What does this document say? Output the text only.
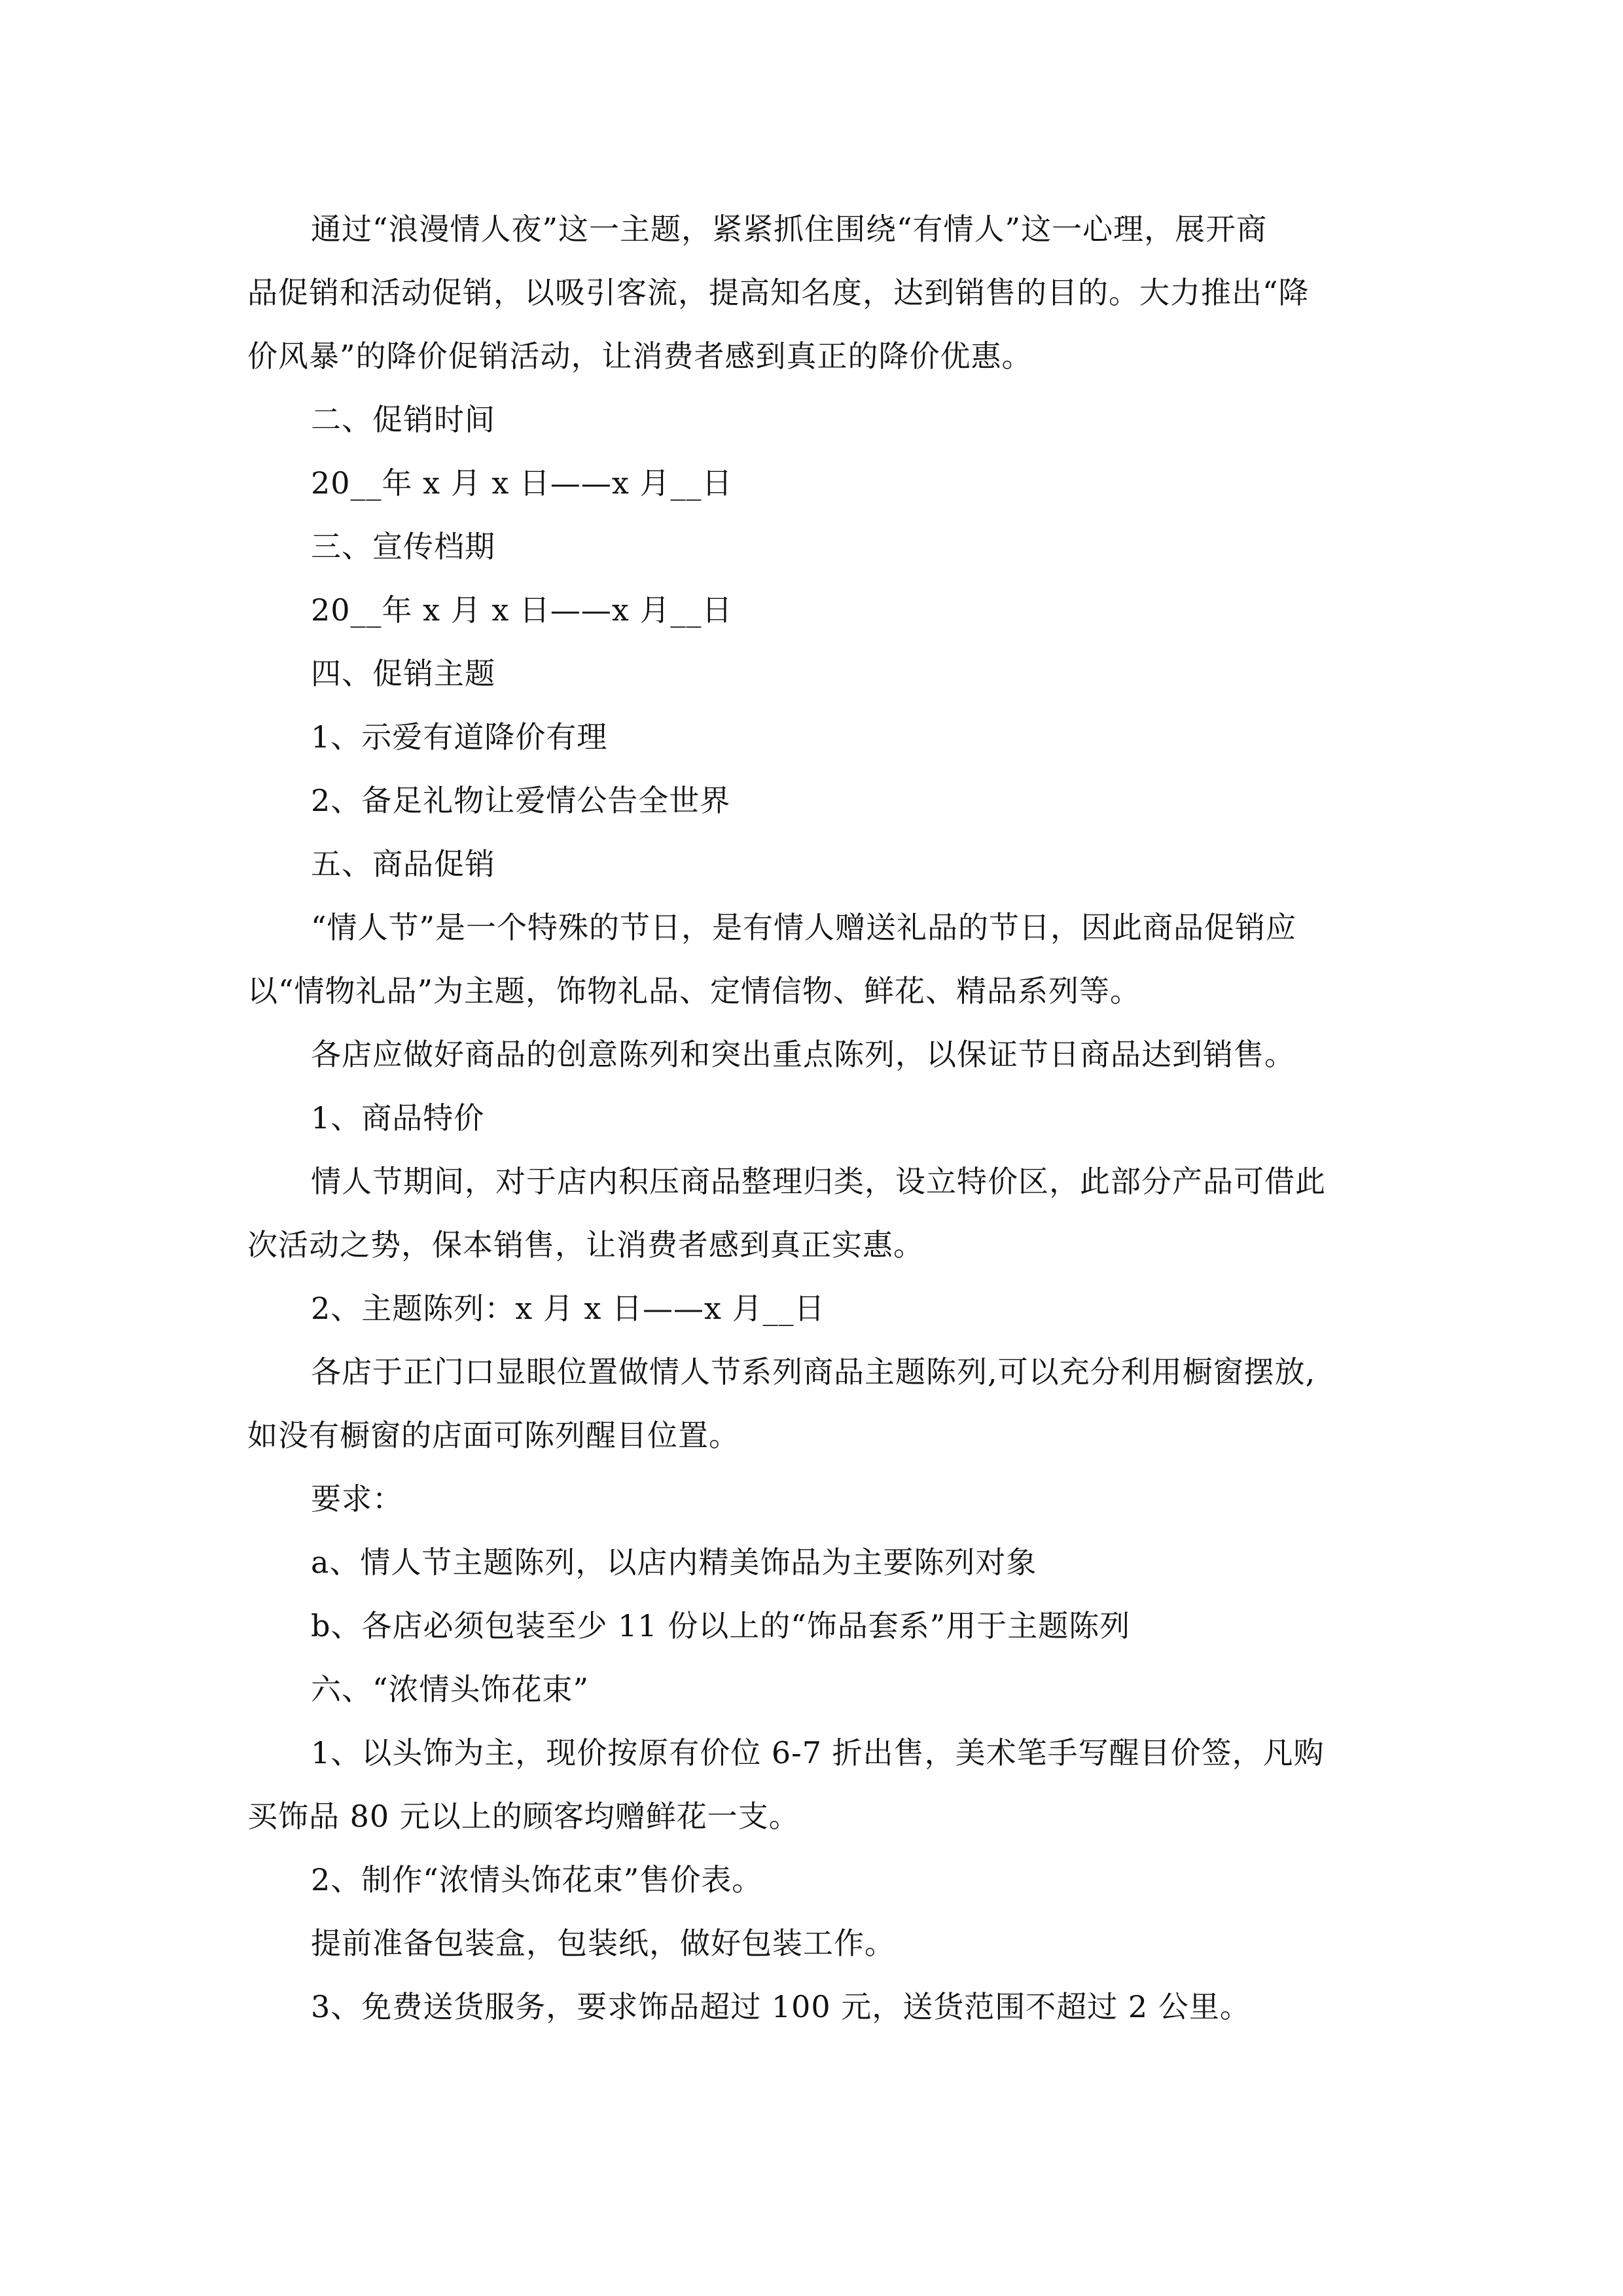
通过“浪漫情人夜”这一主题，紧紧抓住围绕“有情人”这一心理，展开商
品促销和活动促销，以吸引客流，提高知名度，达到销售的目的。大力推出“降
价风暴”的降价促销活动，让消费者感到真正的降价优惠。
二、促销时间
20__年 x 月 x 日——x 月__日
三、宣传档期
20__年 x 月 x 日——x 月__日
四、促销主题
1、示爱有道降价有理
2、备足礼物让爱情公告全世界
五、商品促销
“情人节”是一个特殊的节日，是有情人赠送礼品的节日，因此商品促销应
以“情物礼品”为主题，饰物礼品、定情信物、鲜花、精品系列等。
各店应做好商品的创意陈列和突出重点陈列，以保证节日商品达到销售。
1、商品特价
情人节期间，对于店内积压商品整理归类，设立特价区，此部分产品可借此
次活动之势，保本销售，让消费者感到真正实惠。
2、主题陈列：x 月 x 日——x 月__日
各店于正门口显眼位置做情人节系列商品主题陈列,可以充分利用橱窗摆放,
如没有橱窗的店面可陈列醒目位置。
要求：
a、情人节主题陈列，以店内精美饰品为主要陈列对象
b、各店必须包装至少 11 份以上的“饰品套系”用于主题陈列
六、“浓情头饰花束”
1、以头饰为主，现价按原有价位 6-7 折出售，美术笔手写醒目价签，凡购
买饰品 80 元以上的顾客均赠鲜花一支。
2、制作“浓情头饰花束”售价表。
提前准备包装盒，包装纸，做好包装工作。
3、免费送货服务，要求饰品超过 100 元，送货范围不超过 2 公里。
